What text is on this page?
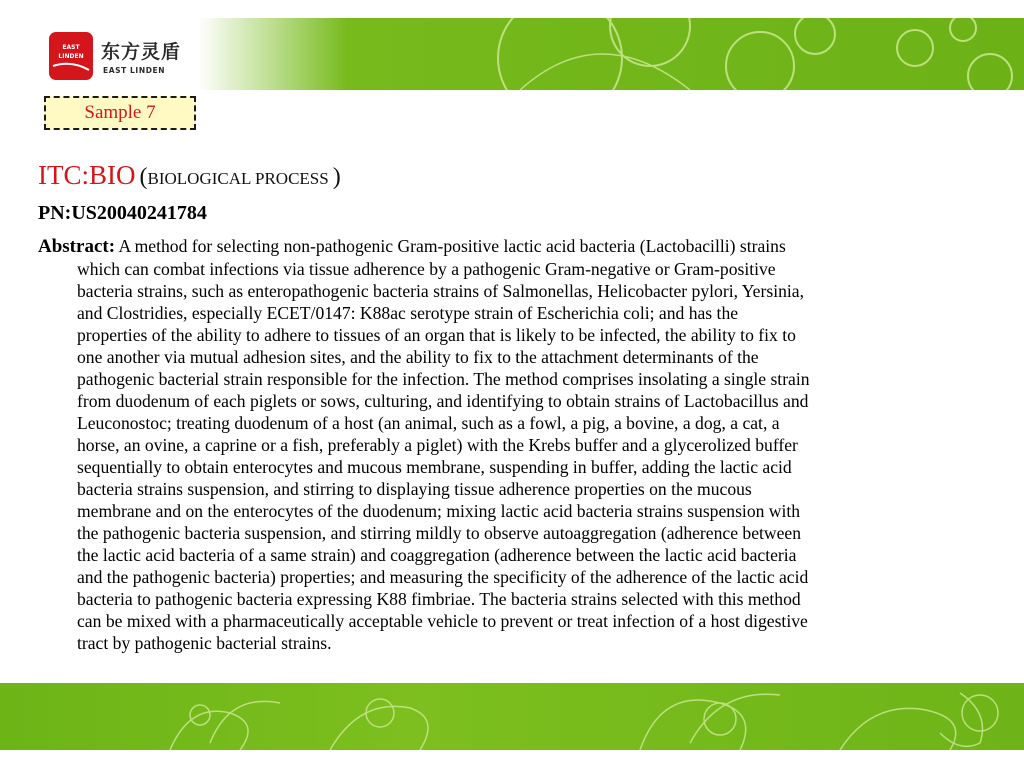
EAST
LINDEN 东方灵盾
EAST LINDEN
Sample 7
ITC:BIO (BIOLOGICAL PROCESS )
PN:US20040241784
Abstract: A method for selecting non-pathogenic Gram-positive lactic acid bacteria (Lactobacilli) strains
which can combat infections via tissue adherence by a pathogenic Gram-negative or Gram-positive
bacteria strains, such as enteropathogenic bacteria strains of Salmonellas, Helicobacter pylori, Yersinia,
and Clostridies, especially ECET/0147: K88ac serotype strain of Escherichia coli; and has the
properties of the ability to adhere to tissues of an organ that is likely to be infected, the ability to fix to
one another via mutual adhesion sites, and the ability to fix to the attachment determinants of the
pathogenic bacterial strain responsible for the infection. The method comprises insolating a single strain
from duodenum of each piglets or sows, culturing, and identifying to obtain strains of Lactobacillus and
Leuconostoc; treating duodenum of a host (an animal, such as a fowl, a pig, a bovine, a dog, a cat, a
horse, an ovine, a caprine or a fish, preferably a piglet) with the Krebs buffer and a glycerolized buffer
sequentially to obtain enterocytes and mucous membrane, suspending in buffer, adding the lactic acid
bacteria strains suspension, and stirring to displaying tissue adherence properties on the mucous
membrane and on the enterocytes of the duodenum; mixing lactic acid bacteria strains suspension with
the pathogenic bacteria suspension, and stirring mildly to observe autoaggregation (adherence between
the lactic acid bacteria of a same strain) and coaggregation (adherence between the lactic acid bacteria
and the pathogenic bacteria) properties; and measuring the specificity of the adherence of the lactic acid
bacteria to pathogenic bacteria expressing K88 fimbriae. The bacteria strains selected with this method
can be mixed with a pharmaceutically acceptable vehicle to prevent or treat infection of a host digestive
tract by pathogenic bacterial strains.
